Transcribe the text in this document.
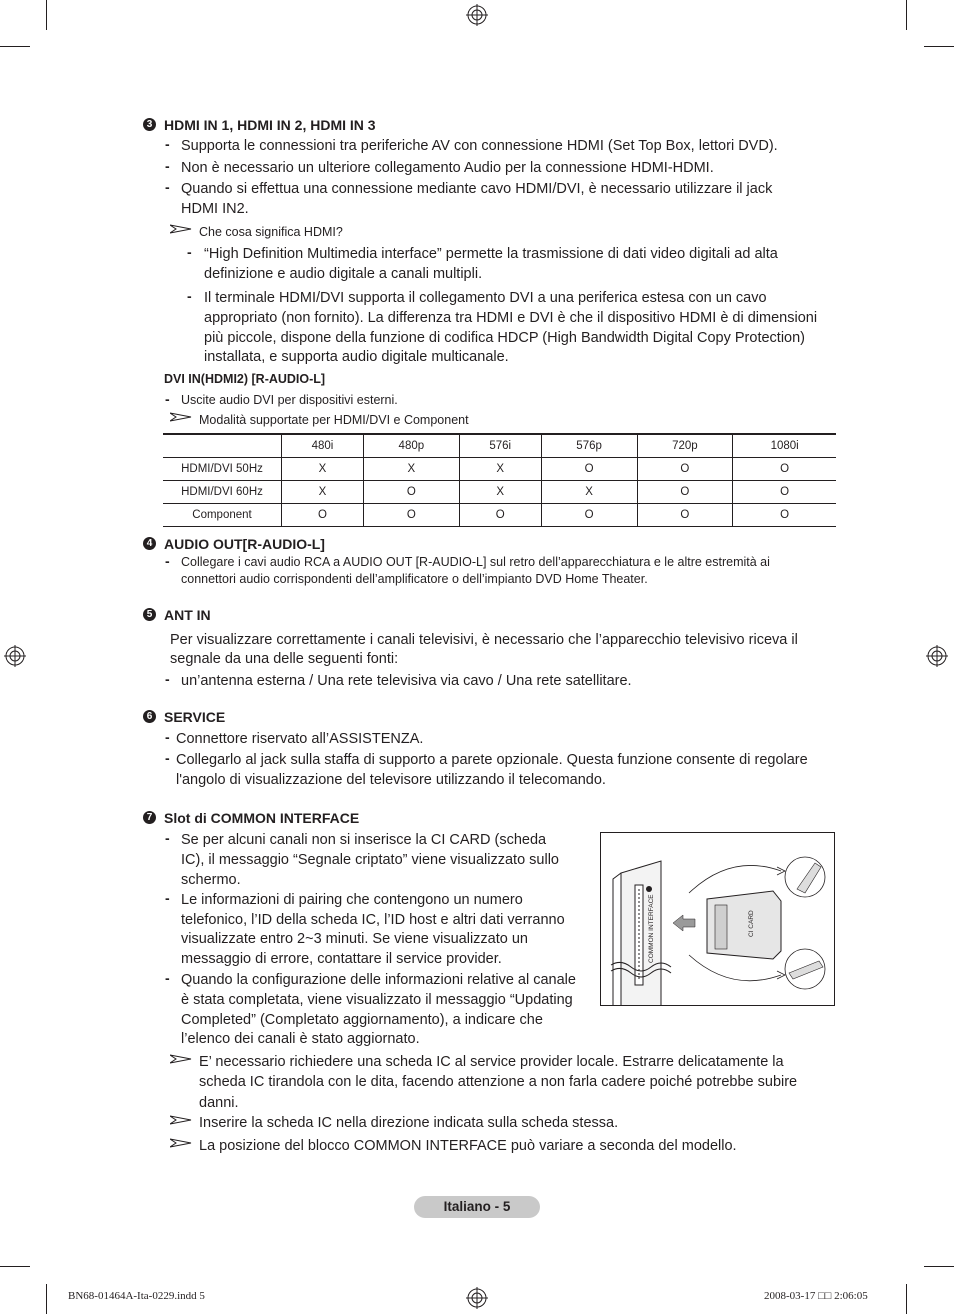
3 HDMI IN 1, HDMI IN 2, HDMI IN 3
- Supporta le connessioni tra periferiche AV con connessione HDMI (Set Top Box, lettori DVD).
- Non è necessario un ulteriore collegamento Audio per la connessione HDMI-HDMI.
- Quando si effettua una connessione mediante cavo HDMI/DVI, è necessario utilizzare il jack
HDMI IN2.
Che cosa significa HDMI?
- “High Definition Multimedia interface” permette la trasmissione di dati video digitali ad alta
definizione e audio digitale a canali multipli.
- Il terminale HDMI/DVI supporta il collegamento DVI a una periferica estesa con un cavo
appropriato (non fornito). La differenza tra HDMI e DVI è che il dispositivo HDMI è di dimensioni
più piccole, dispone della funzione di codifica HDCP (High Bandwidth Digital Copy Protection)
installata, e supporta audio digitale multicanale.
DVI IN(HDMI2) [R-AUDIO-L]
- Uscite audio DVI per dispositivi esterni.
Modalità supportate per HDMI/DVI e Component
	480i	480p	576i	576p	720p	1080i
HDMI/DVI 50Hz	X	X	X	O	O	O
HDMI/DVI 60Hz	X	O	X	X	O	O
Component	O	O	O	O	O	O
4 AUDIO OUT[R-AUDIO-L]
- Collegare i cavi audio RCA a AUDIO OUT [R-AUDIO-L] sul retro dell’apparecchiatura e le altre estremità ai
connettori audio corrispondenti dell’amplificatore o dell’impianto DVD Home Theater.
5 ANT IN
Per visualizzare correttamente i canali televisivi, è necessario che l’apparecchio televisivo riceva il
segnale da una delle seguenti fonti:
- un’antenna esterna / Una rete televisiva via cavo / Una rete satellitare.
6 SERVICE
- Connettore riservato all’ASSISTENZA.
- Collegarlo al jack sulla staffa di supporto a parete opzionale. Questa funzione consente di regolare
l'angolo di visualizzazione del televisore utilizzando il telecomando.
7 Slot di COMMON INTERFACE
- Se per alcuni canali non si inserisce la CI CARD (scheda
IC), il messaggio “Segnale criptato” viene visualizzato sullo
schermo.
- Le informazioni di pairing che contengono un numero
telefonico, l’ID della scheda IC, l’ID host e altri dati verranno
visualizzate entro 2~3 minuti. Se viene visualizzato un
messaggio di errore, contattare il service provider.
- Quando la configurazione delle informazioni relative al canale
è stata completata, viene visualizzato il messaggio “Updating
Completed” (Completato aggiornamento), a indicare che
l’elenco dei canali è stato aggiornato.
COMMON INTERFACE	CI CARD
E’ necessario richiedere una scheda IC al service provider locale. Estrarre delicatamente la
scheda IC tirandola con le dita, facendo attenzione a non farla cadere poiché potrebbe subire
danni.
Inserire la scheda IC nella direzione indicata sulla scheda stessa.
La posizione del blocco COMMON INTERFACE può variare a seconda del modello.
Italiano - 5
BN68-01464A-Ita-0229.indd 5	2008-03-17 □□ 2:06:05
